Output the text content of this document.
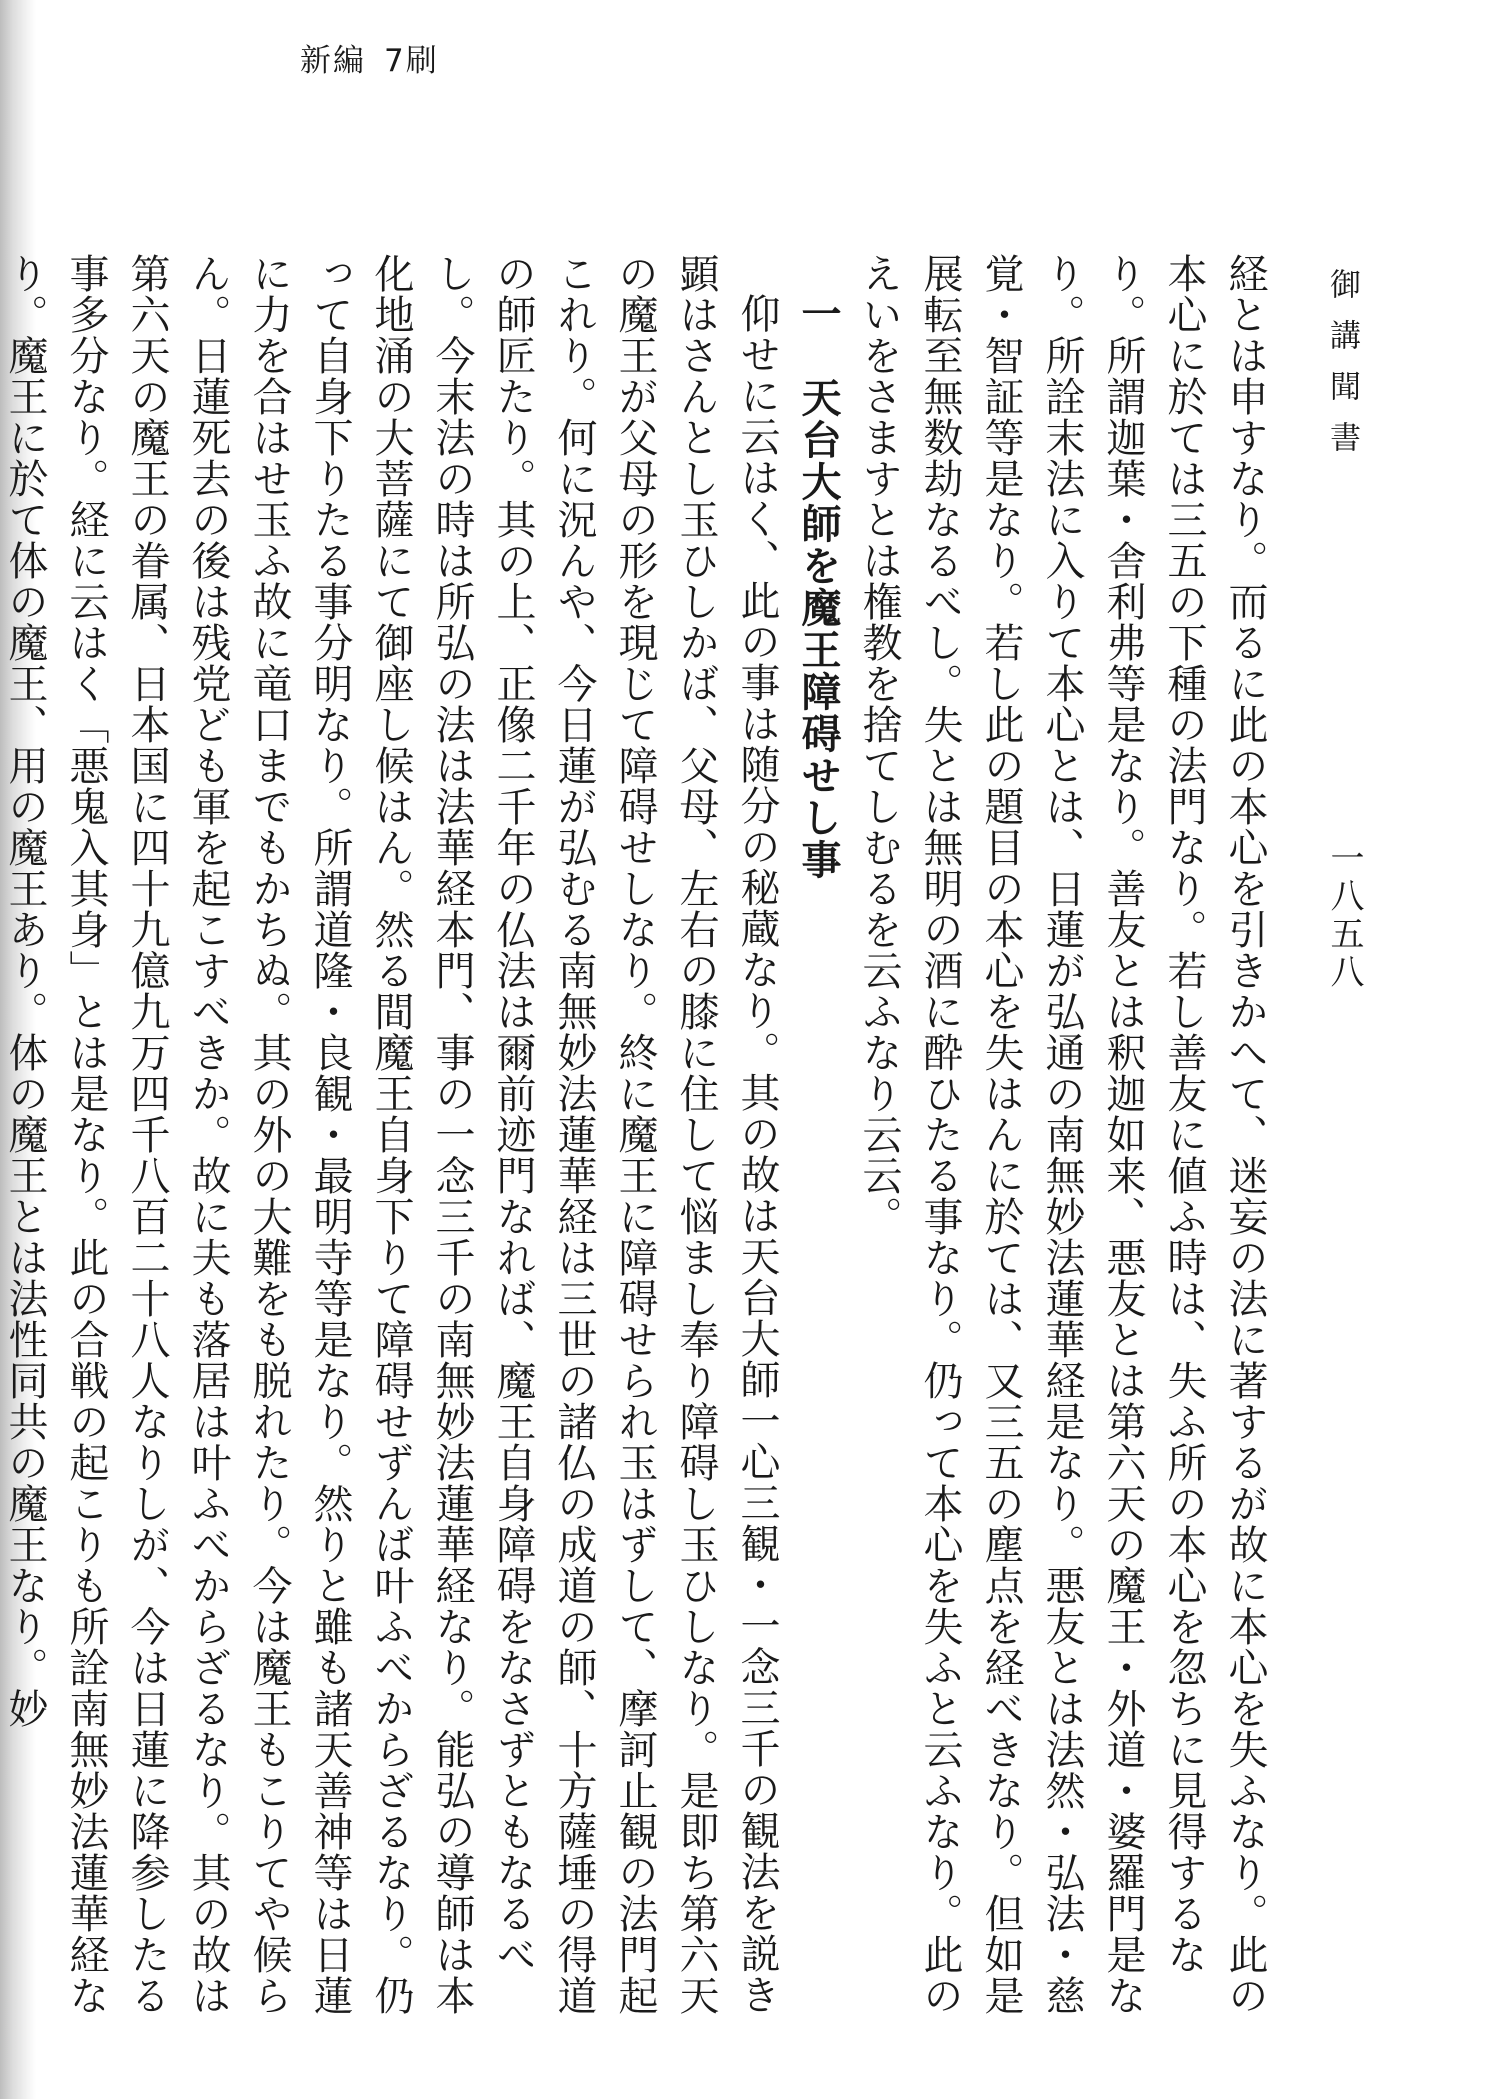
新編 7刷
御講聞書
一八五八

経とは申すなり。而るに此の本心を引きかへて、迷妄の法に著するが故に本心を失ふなり。此の本心に於ては三五の下種の法門なり。若し善友に値ふ時は、失ふ所の本心を忽ちに見得するなり。所謂迦葉・舎利弗等是なり。善友とは釈迦如来、悪友とは第六天の魔王・外道・婆羅門是なり。所詮末法に入りて本心とは、日蓮が弘通の南無妙法蓮華経是なり。悪友とは法然・弘法・慈覚・智証等是なり。若し此の題目の本心を失はんに於ては、又三五の塵点を経べきなり。但如是展転至無数劫なるべし。失とは無明の酒に酔ひたる事なり。仍って本心を失ふと云ふなり。此のえいをさますとは権教を捨てしむるを云ふなり云云。

一　天台大師を魔王障碍せし事

仰せに云はく、此の事は随分の秘蔵なり。其の故は天台大師一心三観・一念三千の観法を説き顕はさんとし玉ひしかば、父母、左右の膝に住して悩まし奉り障碍し玉ひしなり。是即ち第六天の魔王が父母の形を現じて障碍せしなり。終に魔王に障碍せられ玉はずして、摩訶止観の法門起これり。何に況んや、今日蓮が弘むる南無妙法蓮華経は三世の諸仏の成道の師、十方薩埵の得道の師匠たり。其の上、正像二千年の仏法は爾前迹門なれば、魔王自身障碍をなさずともなるべし。今末法の時は所弘の法は法華経本門、事の一念三千の南無妙法蓮華経なり。能弘の導師は本化地涌の大菩薩にて御座し候はん。然る間魔王自身下りて障碍せずんば叶ふべからざるなり。仍って自身下りたる事分明なり。所謂道隆・良観・最明寺等是なり。然りと雖も諸天善神等は日蓮に力を合はせ玉ふ故に竜口までもかちぬ。其の外の大難をも脱れたり。今は魔王もこりてや候らん。日蓮死去の後は残党ども軍を起こすべきか。故に夫も落居は叶ふべからざるなり。其の故は第六天の魔王の眷属、日本国に四十九億九万四千八百二十八人なりしが、今は日蓮に降参したる事多分なり。経に云はく「悪鬼入其身」とは是なり。此の合戦の起こりも所詮南無妙法蓮華経なり。魔王に於て体の魔王、用の魔王あり。体の魔王とは法性同共の魔王なり。妙
